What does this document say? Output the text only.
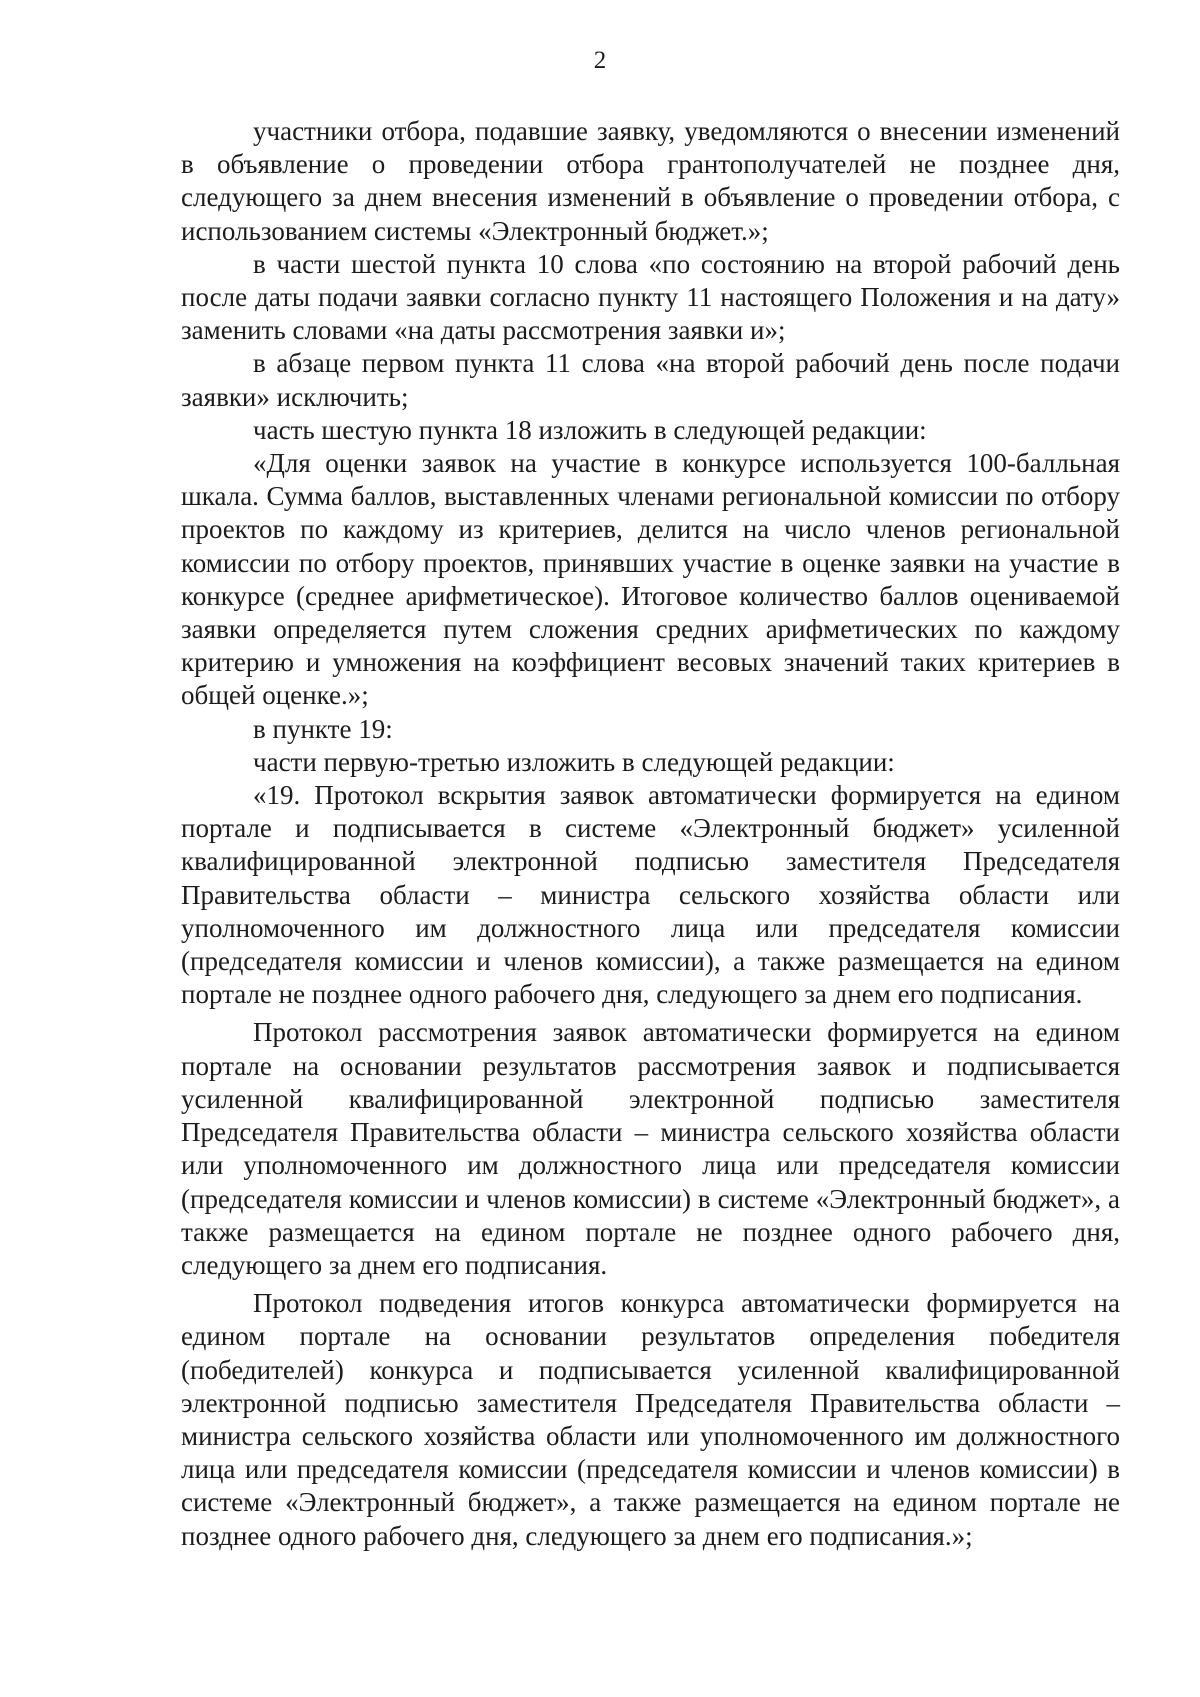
2

участники отбора, подавшие заявку, уведомляются о внесении изменений в объявление о проведении отбора грантополучателей не позднее дня, следующего за днем внесения изменений в объявление о проведении отбора, с использованием системы «Электронный бюджет.»;

в части шестой пункта 10 слова «по состоянию на второй рабочий день после даты подачи заявки согласно пункту 11 настоящего Положения и на дату» заменить словами «на даты рассмотрения заявки и»;

в абзаце первом пункта 11 слова «на второй рабочий день после подачи заявки» исключить;

часть шестую пункта 18 изложить в следующей редакции:

«Для оценки заявок на участие в конкурсе используется 100-балльная шкала. Сумма баллов, выставленных членами региональной комиссии по отбору проектов по каждому из критериев, делится на число членов региональной комиссии по отбору проектов, принявших участие в оценке заявки на участие в конкурсе (среднее арифметическое). Итоговое количество баллов оцениваемой заявки определяется путем сложения средних арифметических по каждому критерию и умножения на коэффициент весовых значений таких критериев в общей оценке.»;

в пункте 19:

части первую-третью изложить в следующей редакции:

«19. Протокол вскрытия заявок автоматически формируется на едином портале и подписывается в системе «Электронный бюджет» усиленной квалифицированной электронной подписью заместителя Председателя Правительства области – министра сельского хозяйства области или уполномоченного им должностного лица или председателя комиссии (председателя комиссии и членов комиссии), а также размещается на едином портале не позднее одного рабочего дня, следующего за днем его подписания.

Протокол рассмотрения заявок автоматически формируется на едином портале на основании результатов рассмотрения заявок и подписывается усиленной квалифицированной электронной подписью заместителя Председателя Правительства области – министра сельского хозяйства области или уполномоченного им должностного лица или председателя комиссии (председателя комиссии и членов комиссии) в системе «Электронный бюджет», а также размещается на едином портале не позднее одного рабочего дня, следующего за днем его подписания.

Протокол подведения итогов конкурса автоматически формируется на едином портале на основании результатов определения победителя (победителей) конкурса и подписывается усиленной квалифицированной электронной подписью заместителя Председателя Правительства области – министра сельского хозяйства области или уполномоченного им должностного лица или председателя комиссии (председателя комиссии и членов комиссии) в системе «Электронный бюджет», а также размещается на едином портале не позднее одного рабочего дня, следующего за днем его подписания.»;
